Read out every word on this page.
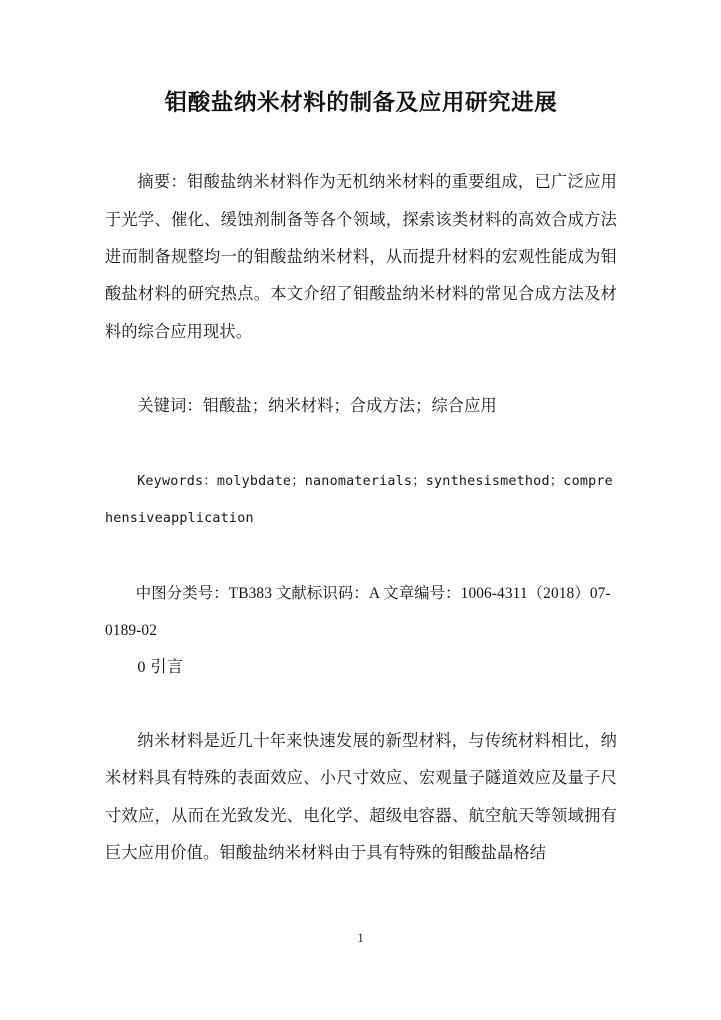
钼酸盐纳米材料的制备及应用研究进展

摘要：钼酸盐纳米材料作为无机纳米材料的重要组成，已广泛应用于光学、催化、缓蚀剂制备等各个领域，探索该类材料的高效合成方法进而制备规整均一的钼酸盐纳米材料，从而提升材料的宏观性能成为钼酸盐材料的研究热点。本文介绍了钼酸盐纳米材料的常见合成方法及材料的综合应用现状。

关键词：钼酸盐；纳米材料；合成方法；综合应用

Keywords：molybdate；nanomaterials；synthesismethod；comprehensiveapplication

中图分类号：TB383 文献标识码：A 文章编号：1006-4311（2018）07-0189-02

0 引言

纳米材料是近几十年来快速发展的新型材料，与传统材料相比，纳米材料具有特殊的表面效应、小尺寸效应、宏观量子隧道效应及量子尺寸效应，从而在光致发光、电化学、超级电容器、航空航天等领域拥有巨大应用价值。钼酸盐纳米材料由于具有特殊的钼酸盐晶格结

1
